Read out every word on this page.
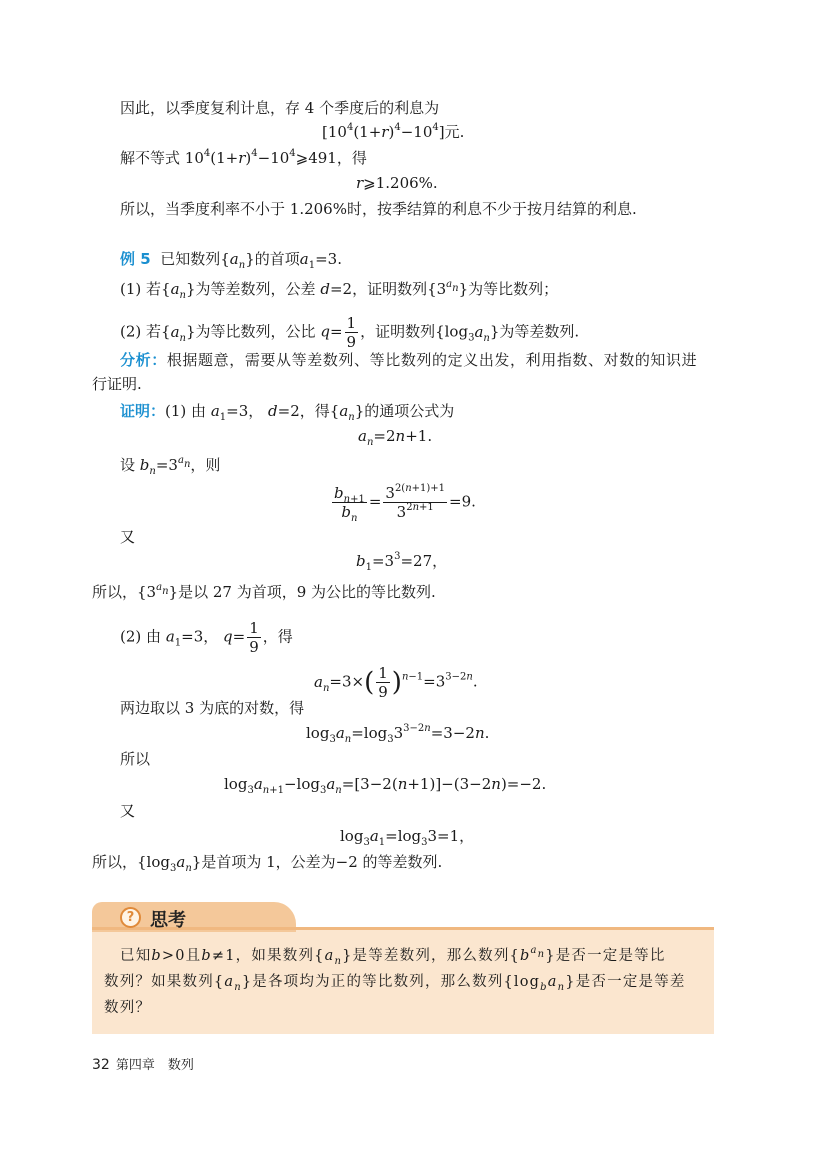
因此，以季度复利计息，存 4 个季度后的利息为
$[10^4(1+r)^4-10^4]$元.
解不等式 $10^4(1+r)^4-10^4⩾491$，得
r⩾1.206%.
所以，当季度利率不小于 1.206%时，按季结算的利息不少于按月结算的利息.
例 5 已知数列$\{a_n\}$的首项$a_1=3$.
(1) 若$\{a_n\}$为等差数列，公差 d=2，证明数列$\{3^{a_n}\}$为等比数列；
(2) 若$\{a_n\}$为等比数列，公比 $q= \frac{1}{9}$ ，证明数列$\{\log_3a_n\}$为等差数列.
分析：根据题意，需要从等差数列、等比数列的定义出发，利用指数、对数的知识进
行证明.
证明：(1) 由 $a_1=3$， d=2，得$\{a_n\}$的通项公式为
$a_n=2n+1$.
设 $b_n=3^{a_n}$，则
$\frac{b_{n+1}}{b_n} = \frac{3^{2(n+1)+1}}{3^{2n+1}} =9$.
又
$b_1=3^3=27$，
所以，$\{3^{a_n}\}$是以 27 为首项，9 为公比的等比数列.
(2) 由 $a_1=3$， $q= \frac{1}{9}$ ，得
$a_n=3\times( \frac{1}{9} )^{n-1}=3^{3-2n}$.
两边取以 3 为底的对数，得
$\log_3a_n=\log_33^{3-2n}=3-2n$.
所以
$\log_3a_{n+1}-\log_3a_n=[3-2(n+1)]-(3-2n)=-2$.
又
$\log_3a_1=\log_33=1$，
所以，$\{\log_3a_n\}$是首项为 1，公差为−2 的等差数列.
? 思考
已知b>0且b≠1，如果数列$\{a_n\}$是等差数列，那么数列$\{b^{a_n}\}$是否一定是等比
数列？如果数列$\{a_n\}$是各项均为正的等比数列，那么数列$\{\log_ba_n\}$是否一定是等差
数列？
32 第四章　数列
